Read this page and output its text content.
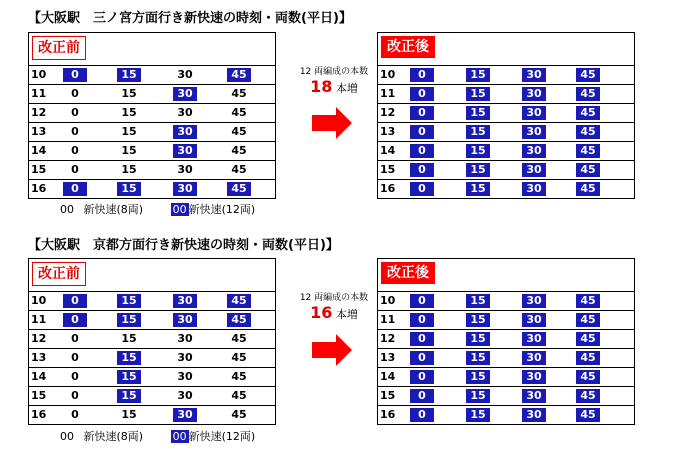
【大阪駅　三ノ宮方面行き新快速の時刻・両数(平日)】
改正前
10	0	15	30	45
11	0	15	30	45
12	0	15	30	45
13	0	15	30	45
14	0	15	30	45
15	0	15	30	45
16	0	15	30	45
12 両編成の本数
18 本増
改正後
10	0	15	30	45
11	0	15	30	45
12	0	15	30	45
13	0	15	30	45
14	0	15	30	45
15	0	15	30	45
16	0	15	30	45
00 新快速(8両)	00 新快速(12両)
【大阪駅　京都方面行き新快速の時刻・両数(平日)】
改正前
10	0	15	30	45
11	0	15	30	45
12	0	15	30	45
13	0	15	30	45
14	0	15	30	45
15	0	15	30	45
16	0	15	30	45
12 両編成の本数
16 本増
改正後
10	0	15	30	45
11	0	15	30	45
12	0	15	30	45
13	0	15	30	45
14	0	15	30	45
15	0	15	30	45
16	0	15	30	45
00 新快速(8両)	00 新快速(12両)
